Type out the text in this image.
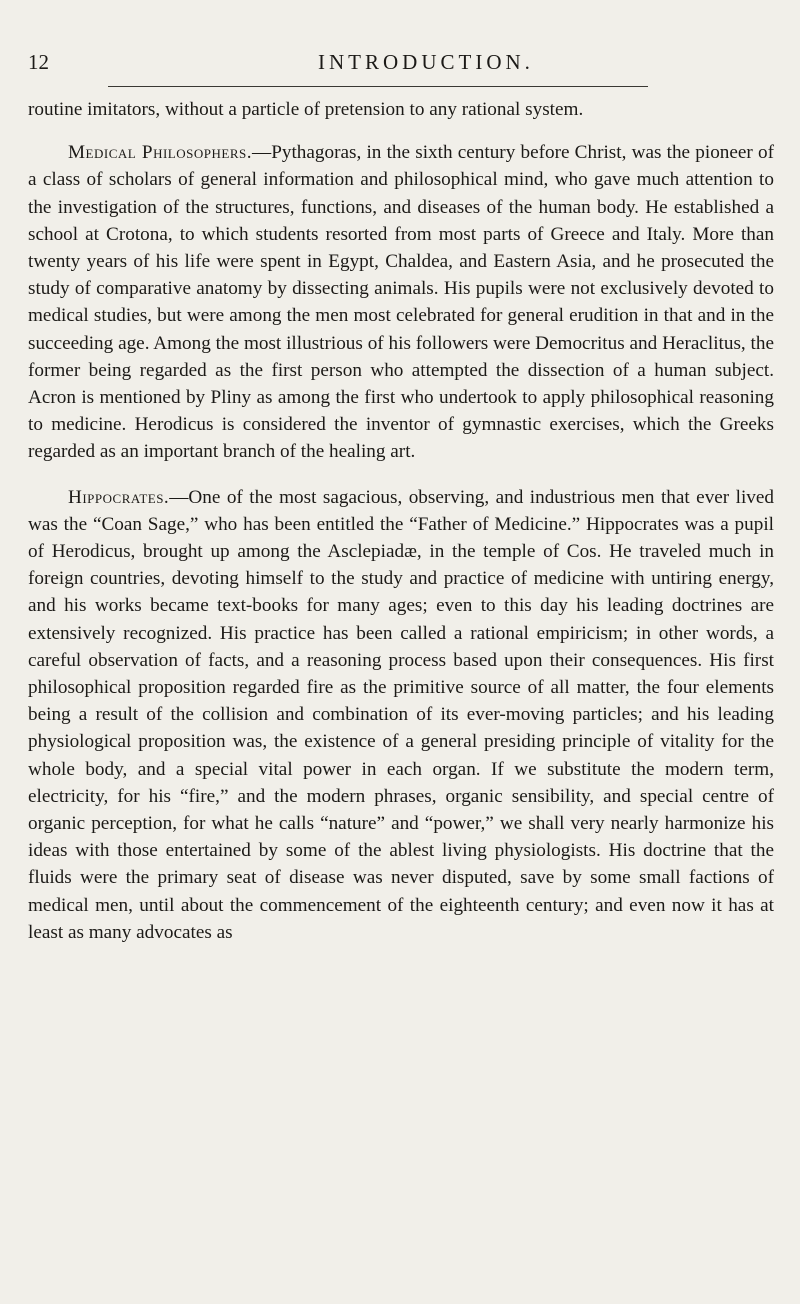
12	INTRODUCTION.

routine imitators, without a particle of pretension to any rational system.

Medical Philosophers.—Pythagoras, in the sixth century before Christ, was the pioneer of a class of scholars of general information and philosophical mind, who gave much attention to the investigation of the structures, functions, and diseases of the human body. He established a school at Crotona, to which students resorted from most parts of Greece and Italy. More than twenty years of his life were spent in Egypt, Chaldea, and Eastern Asia, and he prosecuted the study of comparative anatomy by dissecting animals. His pupils were not exclusively devoted to medical studies, but were among the men most celebrated for general erudition in that and in the succeeding age. Among the most illustrious of his followers were Democritus and Heraclitus, the former being regarded as the first person who attempted the dissection of a human subject. Acron is mentioned by Pliny as among the first who undertook to apply philosophical reasoning to medicine. Herodicus is considered the inventor of gymnastic exercises, which the Greeks regarded as an important branch of the healing art.

Hippocrates.—One of the most sagacious, observing, and industrious men that ever lived was the “Coan Sage,” who has been entitled the “Father of Medicine.” Hippocrates was a pupil of Herodicus, brought up among the Asclepiadæ, in the temple of Cos. He traveled much in foreign countries, devoting himself to the study and practice of medicine with untiring energy, and his works became text-books for many ages; even to this day his leading doctrines are extensively recognized. His practice has been called a rational empiricism; in other words, a careful observation of facts, and a reasoning process based upon their consequences. His first philosophical proposition regarded fire as the primitive source of all matter, the four elements being a result of the collision and combination of its ever-moving particles; and his leading physiological proposition was, the existence of a general presiding principle of vitality for the whole body, and a special vital power in each organ. If we substitute the modern term, electricity, for his “fire,” and the modern phrases, organic sensibility, and special centre of organic perception, for what he calls “nature” and “power,” we shall very nearly harmonize his ideas with those entertained by some of the ablest living physiologists. His doctrine that the fluids were the primary seat of disease was never disputed, save by some small factions of medical men, until about the commencement of the eighteenth century; and even now it has at least as many advocates as
